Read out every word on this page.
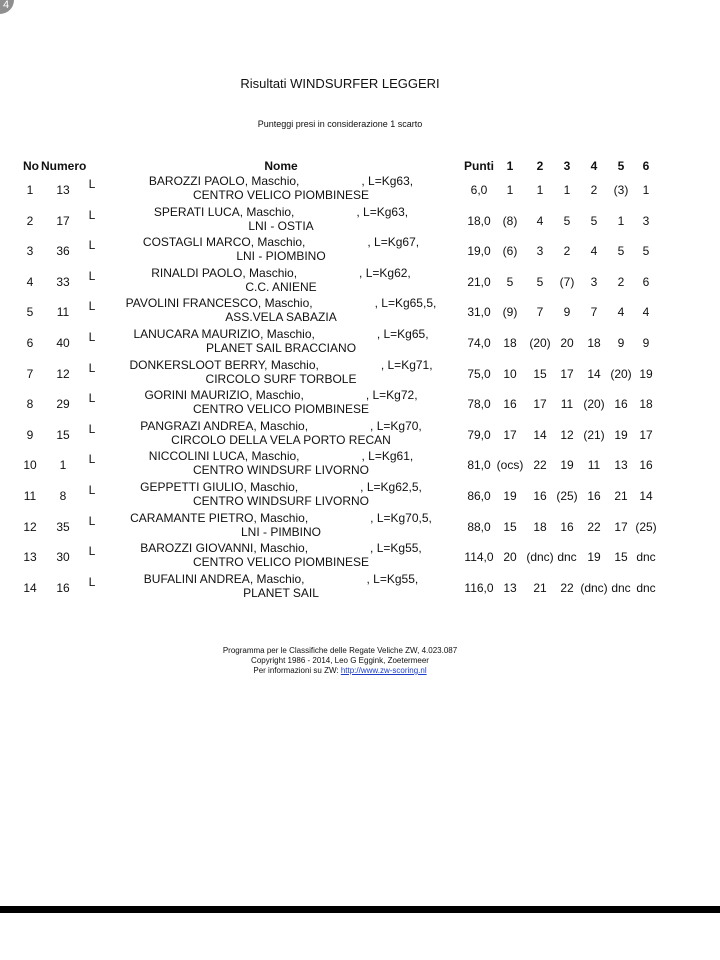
4
Risultati WINDSURFER LEGGERI
Punteggi presi in considerazione 1 scarto
No Numero	Nome	Punti 1 2 3 4 5 6
1 13 L	BAROZZI PAOLO, Maschio,	, L=Kg63,
CENTRO VELICO PIOMBINESE	6,0 1 1 1 2 (3) 1
2 17 L	SPERATI LUCA, Maschio,	, L=Kg63,
LNI - OSTIA	18,0 (8) 4 5 5 1 3
3 36 L	COSTAGLI MARCO, Maschio,	, L=Kg67,
LNI - PIOMBINO	19,0 (6) 3 2 4 5 5
4 33 L	RINALDI PAOLO, Maschio,	, L=Kg62,
C.C. ANIENE	21,0 5 5 (7) 3 2 6
5 11 L	PAVOLINI FRANCESCO, Maschio,	, L=Kg65,5,
ASS.VELA SABAZIA	31,0 (9) 7 9 7 4 4
6 40 L	LANUCARA MAURIZIO, Maschio,	, L=Kg65,
PLANET SAIL BRACCIANO	74,0 18 (20) 20 18 9 9
7 12 L	DONKERSLOOT BERRY, Maschio,	, L=Kg71,
CIRCOLO SURF TORBOLE	75,0 10 15 17 14 (20) 19
8 29 L	GORINI MAURIZIO, Maschio,	, L=Kg72,
CENTRO VELICO PIOMBINESE	78,0 16 17 11 (20) 16 18
9 15 L	PANGRAZI ANDREA, Maschio,	, L=Kg70,
CIRCOLO DELLA VELA PORTO RECAN	79,0 17 14 12 (21) 19 17
10 1 L	NICCOLINI LUCA, Maschio,	, L=Kg61,
CENTRO WINDSURF LIVORNO	81,0 (ocs) 22 19 11 13 16
11 8 L	GEPPETTI GIULIO, Maschio,	, L=Kg62,5,
CENTRO WINDSURF LIVORNO	86,0 19 16 (25) 16 21 14
12 35 L	CARAMANTE PIETRO, Maschio,	, L=Kg70,5,
LNI - PIMBINO	88,0 15 18 16 22 17 (25)
13 30 L	BAROZZI GIOVANNI, Maschio,	, L=Kg55,
CENTRO VELICO PIOMBINESE	114,0 20 (dnc) dnc 19 15 dnc
14 16 L	BUFALINI ANDREA, Maschio,	, L=Kg55,
PLANET SAIL	116,0 13 21 22 (dnc) dnc dnc
Programma per le Classifiche delle Regate Veliche ZW, 4.023.087
Copyright 1986 - 2014, Leo G Eggink, Zoetermeer
Per informazioni su ZW: http://www.zw-scoring.nl
